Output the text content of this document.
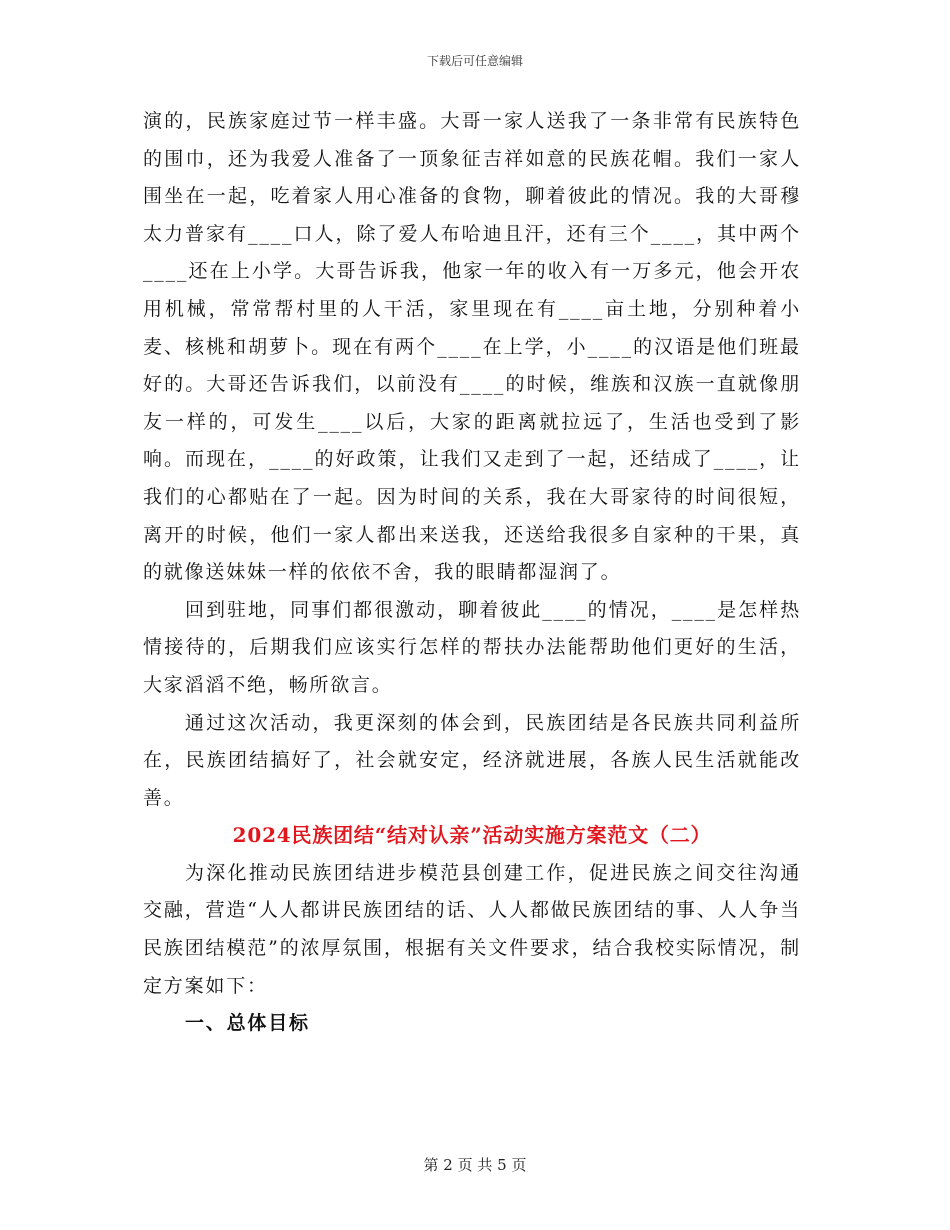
下载后可任意编辑

演的，民族家庭过节一样丰盛。大哥一家人送我了一条非常有民族特色的围巾，还为我爱人准备了一顶象征吉祥如意的民族花帽。我们一家人围坐在一起，吃着家人用心准备的食物，聊着彼此的情况。我的大哥穆太力普家有____口人，除了爱人布哈迪且汗，还有三个____，其中两个____还在上小学。大哥告诉我，他家一年的收入有一万多元，他会开农用机械，常常帮村里的人干活，家里现在有____亩土地，分别种着小麦、核桃和胡萝卜。现在有两个____在上学，小____的汉语是他们班最好的。大哥还告诉我们，以前没有____的时候，维族和汉族一直就像朋友一样的，可发生____以后，大家的距离就拉远了，生活也受到了影响。而现在，____的好政策，让我们又走到了一起，还结成了____，让我们的心都贴在了一起。因为时间的关系，我在大哥家待的时间很短，离开的时候，他们一家人都出来送我，还送给我很多自家种的干果，真的就像送妹妹一样的依依不舍，我的眼睛都湿润了。

回到驻地，同事们都很激动，聊着彼此____的情况，____是怎样热情接待的，后期我们应该实行怎样的帮扶办法能帮助他们更好的生活，大家滔滔不绝，畅所欲言。

通过这次活动，我更深刻的体会到，民族团结是各民族共同利益所在，民族团结搞好了，社会就安定，经济就进展，各族人民生活就能改善。

2024民族团结“结对认亲”活动实施方案范文（二）

为深化推动民族团结进步模范县创建工作，促进民族之间交往沟通交融，营造“人人都讲民族团结的话、人人都做民族团结的事、人人争当民族团结模范”的浓厚氛围，根据有关文件要求，结合我校实际情况，制定方案如下：

一、总体目标
第 2 页 共 5 页
